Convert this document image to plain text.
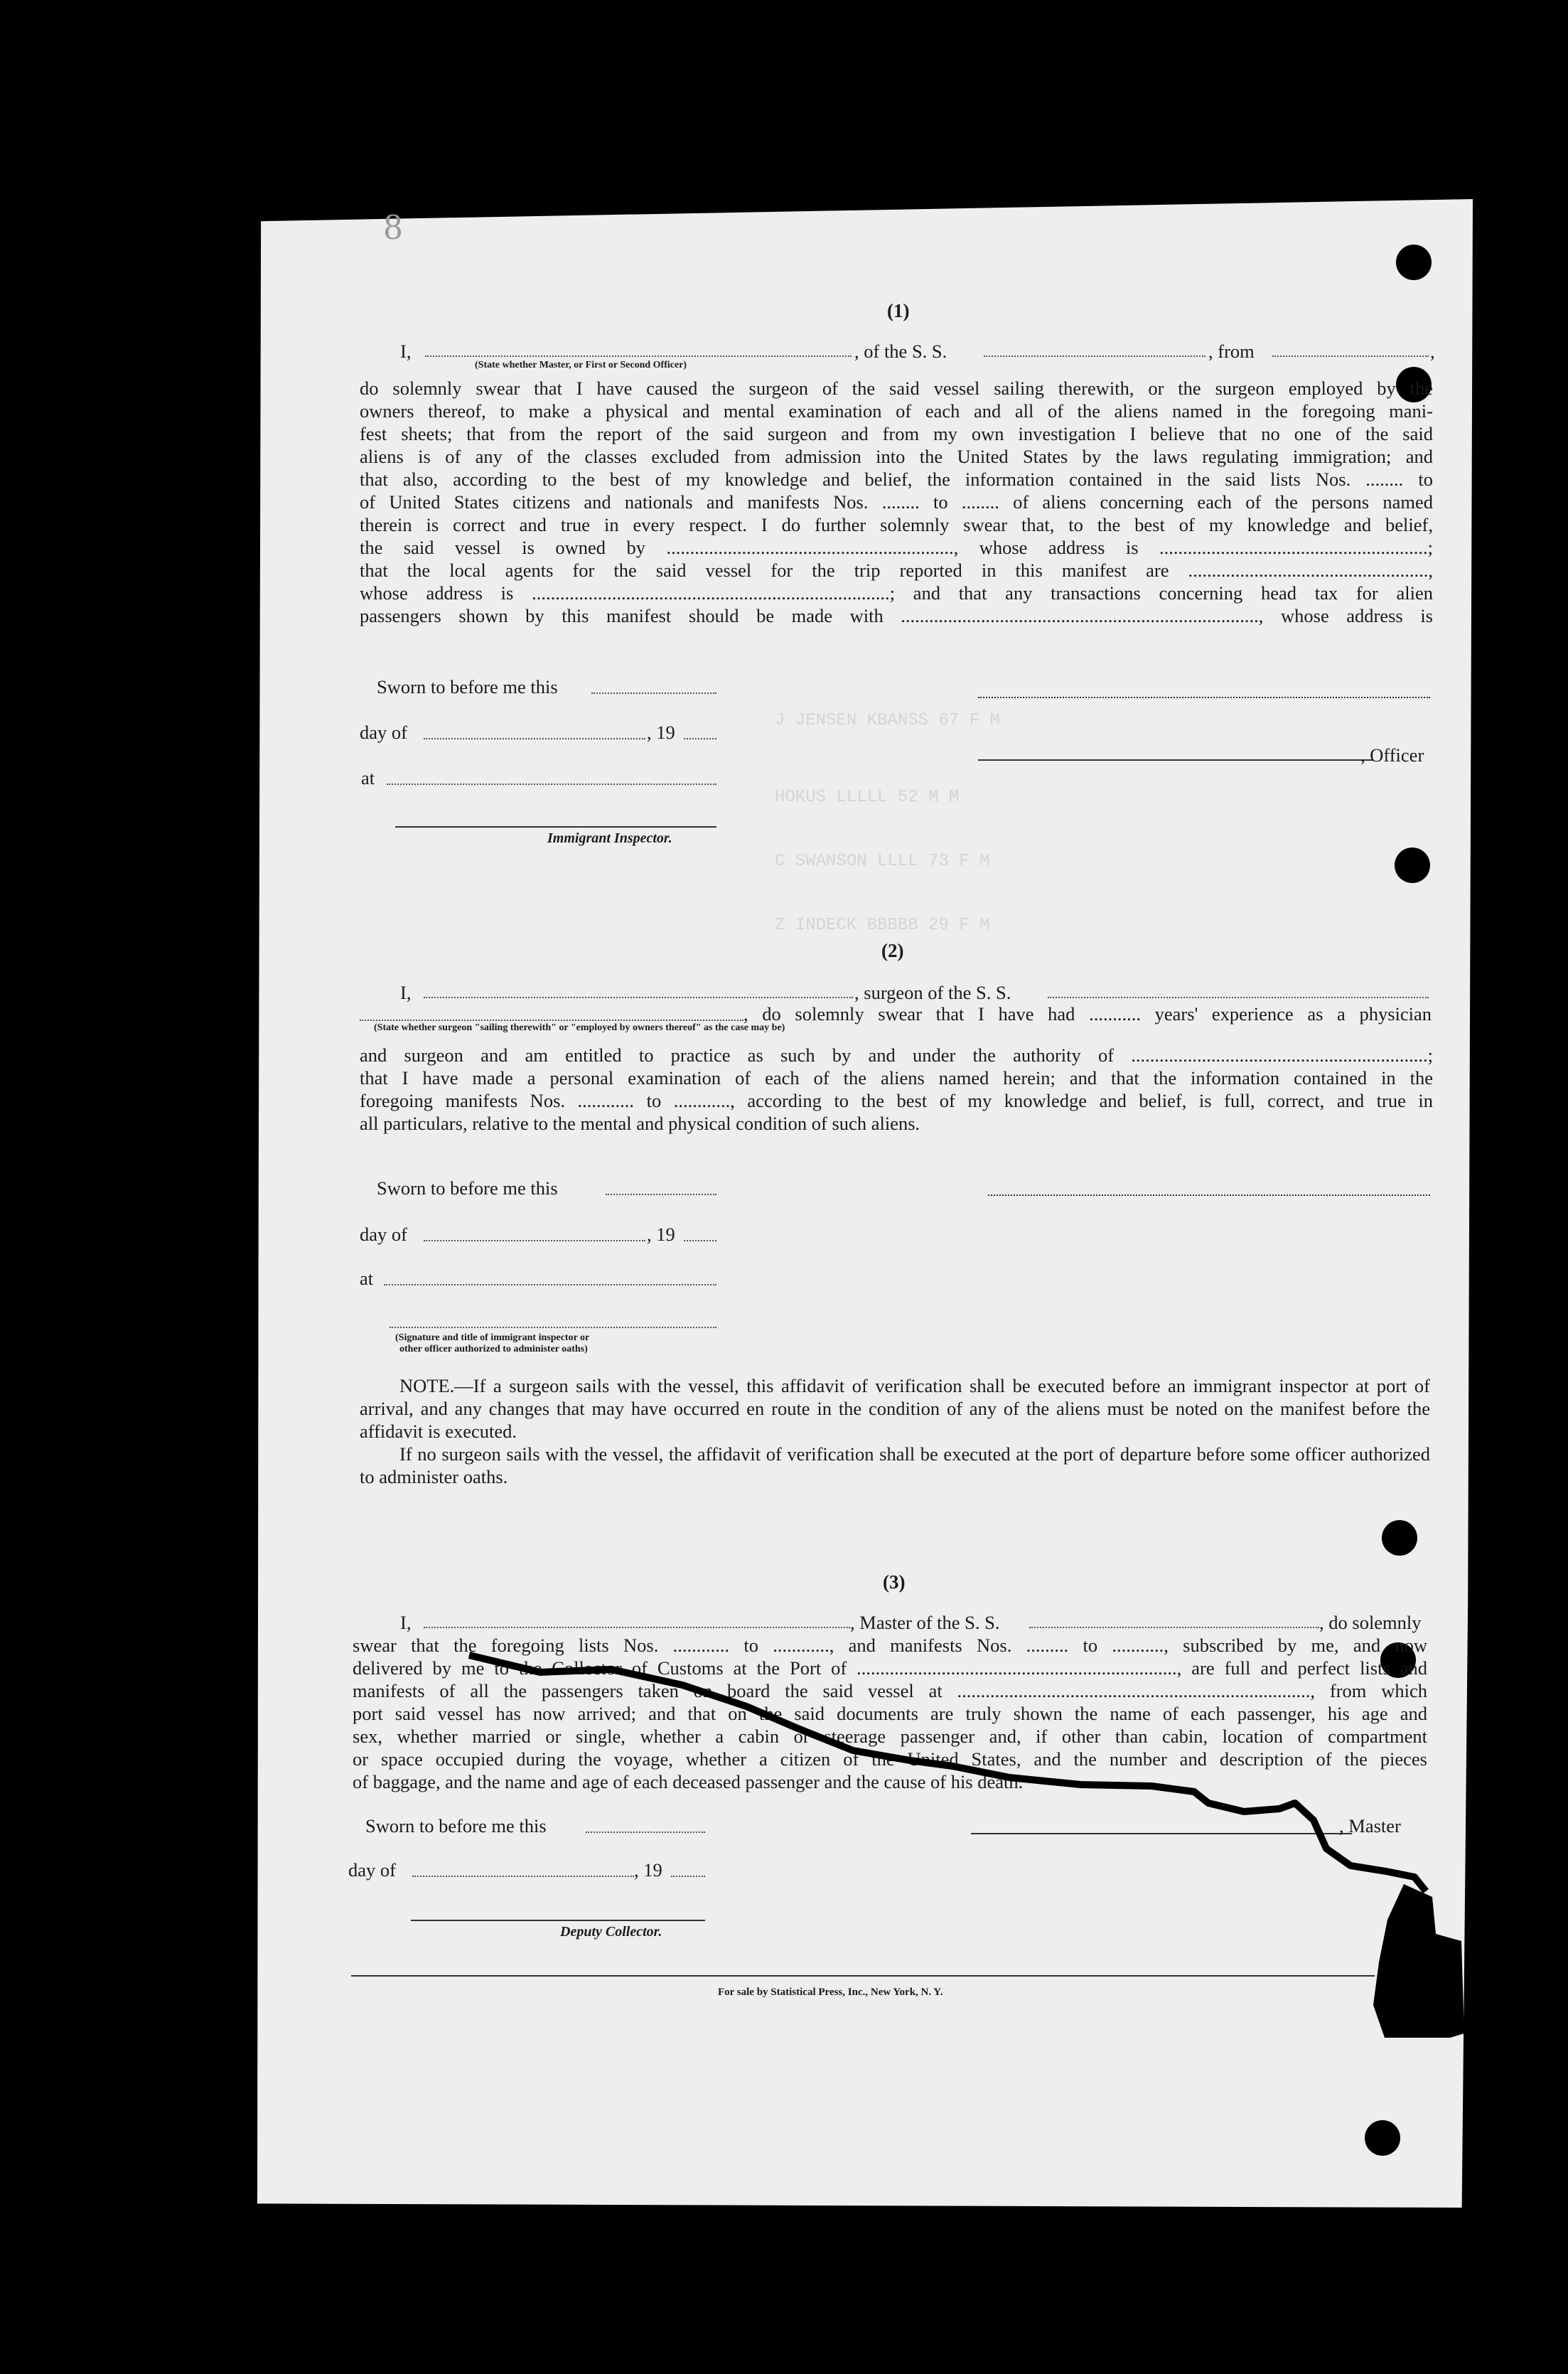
J JENSEN KBANSS 67 F M
HOKUS LLLLL 52 M M
C SWANSON LLLL 73 F M
Z INDECK BBBBB 29 F M
8
(1)
I,	, of the S. S.	, from	,
(State whether Master, or First or Second Officer)
do solemnly swear that I have caused the surgeon of the said vessel sailing therewith, or the surgeon employed by the
owners thereof, to make a physical and mental examination of each and all of the aliens named in the foregoing mani-
fest sheets; that from the report of the said surgeon and from my own investigation I believe that no one of the said
aliens is of any of the classes excluded from admission into the United States by the laws regulating immigration; and
that also, according to the best of my knowledge and belief, the information contained in the said lists Nos. ........ to
of United States citizens and nationals and manifests Nos. ........ to ........ of aliens concerning each of the persons named
therein is correct and true in every respect. I do further solemnly swear that, to the best of my knowledge and belief,
the said vessel is owned by ............................................................., whose address is .........................................................;
that the local agents for the said vessel for the trip reported in this manifest are ...................................................,
whose address is ............................................................................; and that any transactions concerning head tax for alien
passengers shown by this manifest should be made with ............................................................................, whose address is
Sworn to before me this
day of	, 19
at
Immigrant Inspector.
, Officer
(2)
I,	, surgeon of the S. S.
, do solemnly swear that I have had ........... years' experience as a physician
(State whether surgeon "sailing therewith" or "employed by owners thereof" as the case may be)
and surgeon and am entitled to practice as such by and under the authority of ...............................................................;
that I have made a personal examination of each of the aliens named herein; and that the information contained in the
foregoing manifests Nos. ............ to ............, according to the best of my knowledge and belief, is full, correct, and true in
all particulars, relative to the mental and physical condition of such aliens.
Sworn to before me this
day of	, 19
at
(Signature and title of immigrant inspector or
other officer authorized to administer oaths)
NOTE.—If a surgeon sails with the vessel, this affidavit of verification shall be executed before an immigrant inspector at port of arrival, and any changes that may have occurred en route in the condition of any of the aliens must be noted on the manifest before the affidavit is executed.
If no surgeon sails with the vessel, the affidavit of verification shall be executed at the port of departure before some officer authorized to administer oaths.
(3)
I,	, Master of the S. S.	, do solemnly
swear that the foregoing lists Nos. ............ to ............, and manifests Nos. ......... to ..........., subscribed by me, and now
delivered by me to the Collector of Customs at the Port of ...................................................................., are full and perfect lists and
manifests of all the passengers taken on board the said vessel at ..........................................................................., from which
port said vessel has now arrived; and that on the said documents are truly shown the name of each passenger, his age and
sex, whether married or single, whether a cabin or steerage passenger and, if other than cabin, location of compartment
or space occupied during the voyage, whether a citizen of the United States, and the number and description of the pieces
of baggage, and the name and age of each deceased passenger and the cause of his death.
Sworn to before me this	, Master
day of	, 19
Deputy Collector.
For sale by Statistical Press, Inc., New York, N. Y.
